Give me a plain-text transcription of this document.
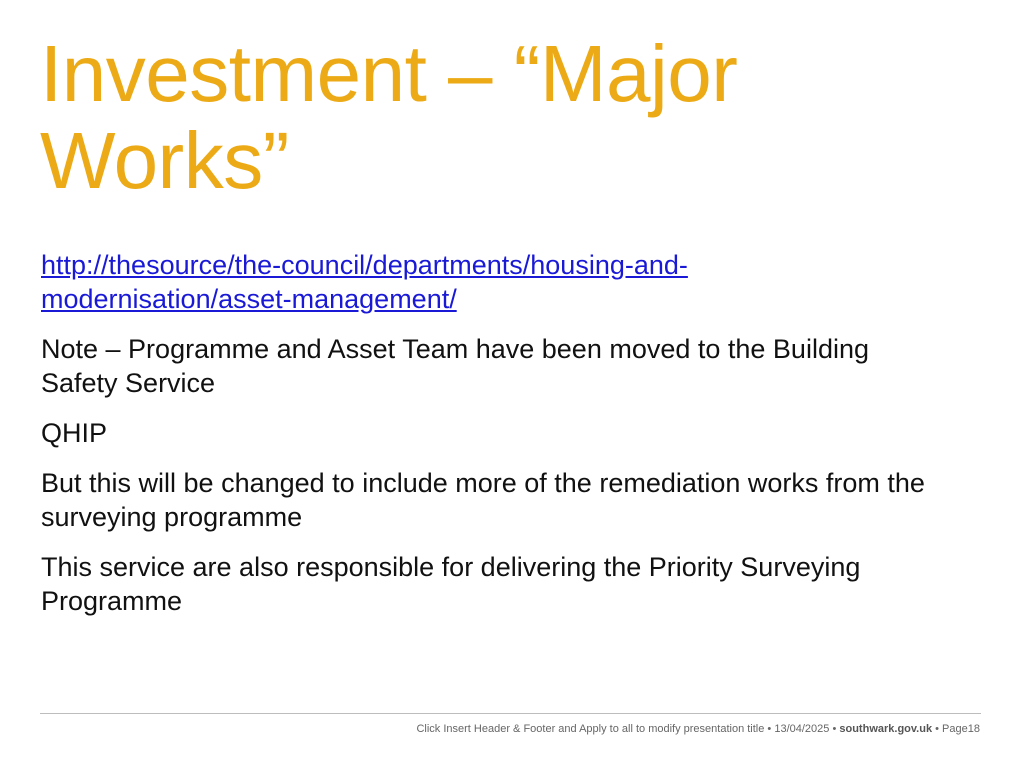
Investment – “Major
Works”

http://thesource/the-council/departments/housing-and-
modernisation/asset-management/

Note – Programme and Asset Team have been moved to the Building
Safety Service

QHIP

But this will be changed to include more of the remediation works from the
surveying programme

This service are also responsible for delivering the Priority Surveying
Programme

Click Insert Header & Footer and Apply to all to modify presentation title • 13/04/2025 • southwark.gov.uk • Page18
